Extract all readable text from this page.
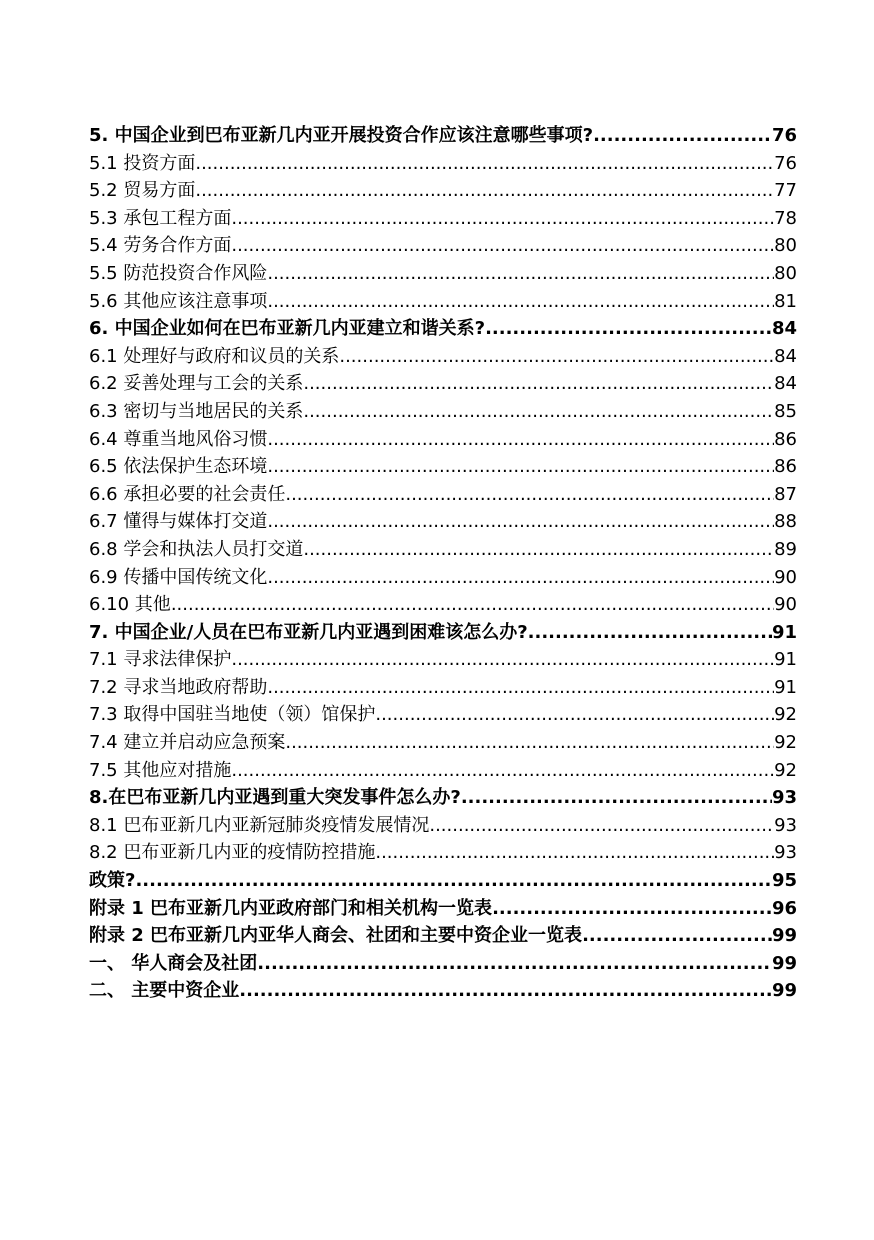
5. 中国企业到巴布亚新几内亚开展投资合作应该注意哪些事项? .....	76
5.1 投资方面 .....	76
5.2 贸易方面 .....	77
5.3 承包工程方面 .....	78
5.4 劳务合作方面 .....	80
5.5 防范投资合作风险 .....	80
5.6 其他应该注意事项 .....	81
6. 中国企业如何在巴布亚新几内亚建立和谐关系? .....	84
6.1 处理好与政府和议员的关系 .....	84
6.2 妥善处理与工会的关系 .....	84
6.3 密切与当地居民的关系 .....	85
6.4 尊重当地风俗习惯 .....	86
6.5 依法保护生态环境 .....	86
6.6 承担必要的社会责任 .....	87
6.7 懂得与媒体打交道 .....	88
6.8 学会和执法人员打交道 .....	89
6.9 传播中国传统文化 .....	90
6.10 其他 .....	90
7. 中国企业/人员在巴布亚新几内亚遇到困难该怎么办? .....	91
7.1 寻求法律保护 .....	91
7.2 寻求当地政府帮助 .....	91
7.3 取得中国驻当地使（领）馆保护 .....	92
7.4 建立并启动应急预案 .....	92
7.5 其他应对措施 .....	92
8.在巴布亚新几内亚遇到重大突发事件怎么办? .....	93
8.1 巴布亚新几内亚新冠肺炎疫情发展情况 .....	93
8.2 巴布亚新几内亚的疫情防控措施 .....	93
政策? .....	95
附录 1 巴布亚新几内亚政府部门和相关机构一览表 .....	96
附录 2 巴布亚新几内亚华人商会、社团和主要中资企业一览表 .....	99
一、 华人商会及社团 .....	99
二、 主要中资企业 .....	99
